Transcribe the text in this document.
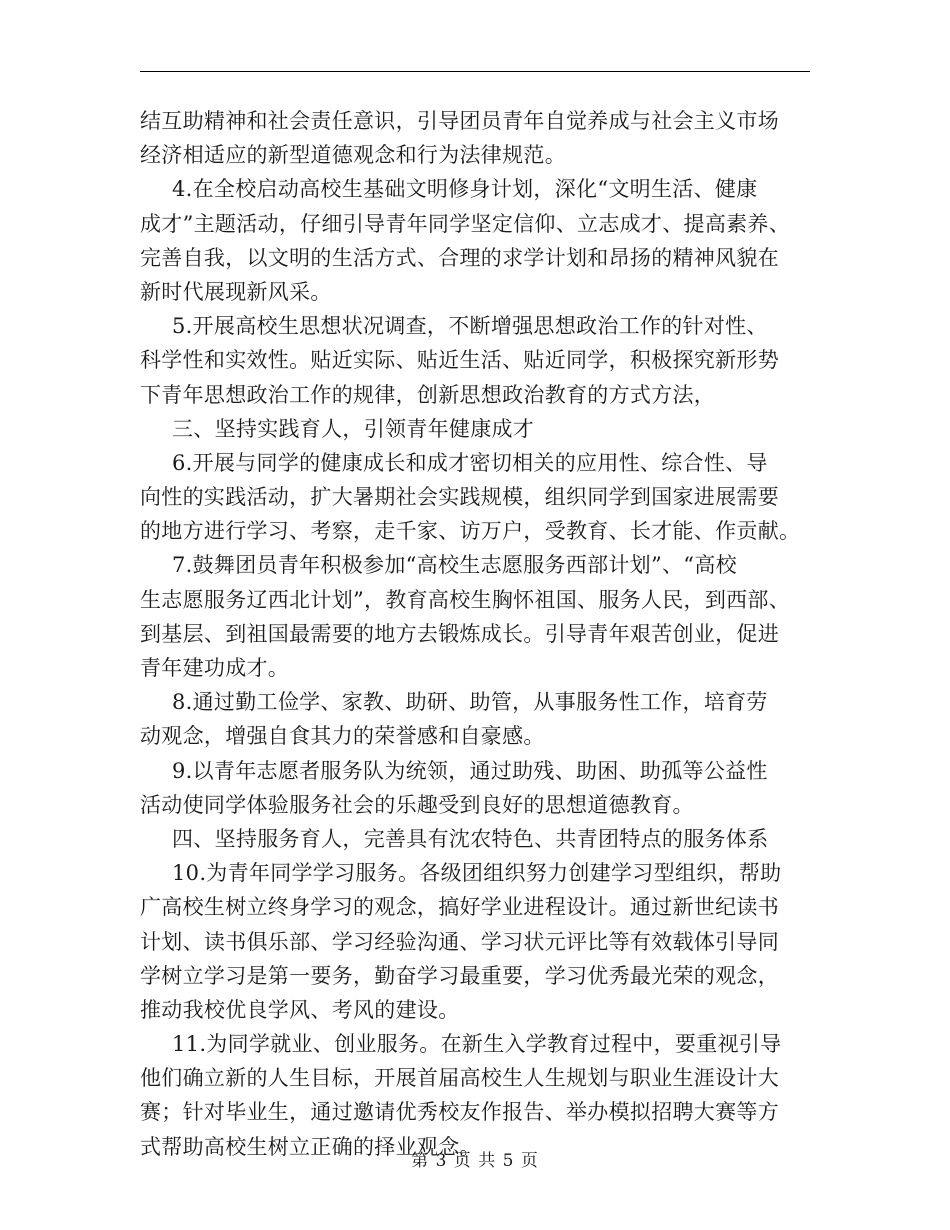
结互助精神和社会责任意识，引导团员青年自觉养成与社会主义市场
经济相适应的新型道德观念和行为法律规范。
4.在全校启动高校生基础文明修身计划，深化“文明生活、健康
成才”主题活动，仔细引导青年同学坚定信仰、立志成才、提高素养、
完善自我，以文明的生活方式、合理的求学计划和昂扬的精神风貌在
新时代展现新风采。
5.开展高校生思想状况调查，不断增强思想政治工作的针对性、
科学性和实效性。贴近实际、贴近生活、贴近同学，积极探究新形势
下青年思想政治工作的规律，创新思想政治教育的方式方法，
三、坚持实践育人，引领青年健康成才
6.开展与同学的健康成长和成才密切相关的应用性、综合性、导
向性的实践活动，扩大暑期社会实践规模，组织同学到国家进展需要
的地方进行学习、考察，走千家、访万户，受教育、长才能、作贡献。
7.鼓舞团员青年积极参加“高校生志愿服务西部计划”、“高校
生志愿服务辽西北计划”，教育高校生胸怀祖国、服务人民，到西部、
到基层、到祖国最需要的地方去锻炼成长。引导青年艰苦创业，促进
青年建功成才。
8.通过勤工俭学、家教、助研、助管，从事服务性工作，培育劳
动观念，增强自食其力的荣誉感和自豪感。
9.以青年志愿者服务队为统领，通过助残、助困、助孤等公益性
活动使同学体验服务社会的乐趣受到良好的思想道德教育。
四、坚持服务育人，完善具有沈农特色、共青团特点的服务体系
10.为青年同学学习服务。各级团组织努力创建学习型组织，帮助
广高校生树立终身学习的观念，搞好学业进程设计。通过新世纪读书
计划、读书俱乐部、学习经验沟通、学习状元评比等有效载体引导同
学树立学习是第一要务，勤奋学习最重要，学习优秀最光荣的观念，
推动我校优良学风、考风的建设。
11.为同学就业、创业服务。在新生入学教育过程中，要重视引导
他们确立新的人生目标，开展首届高校生人生规划与职业生涯设计大
赛；针对毕业生，通过邀请优秀校友作报告、举办模拟招聘大赛等方
式帮助高校生树立正确的择业观念。
第 3 页 共 5 页
